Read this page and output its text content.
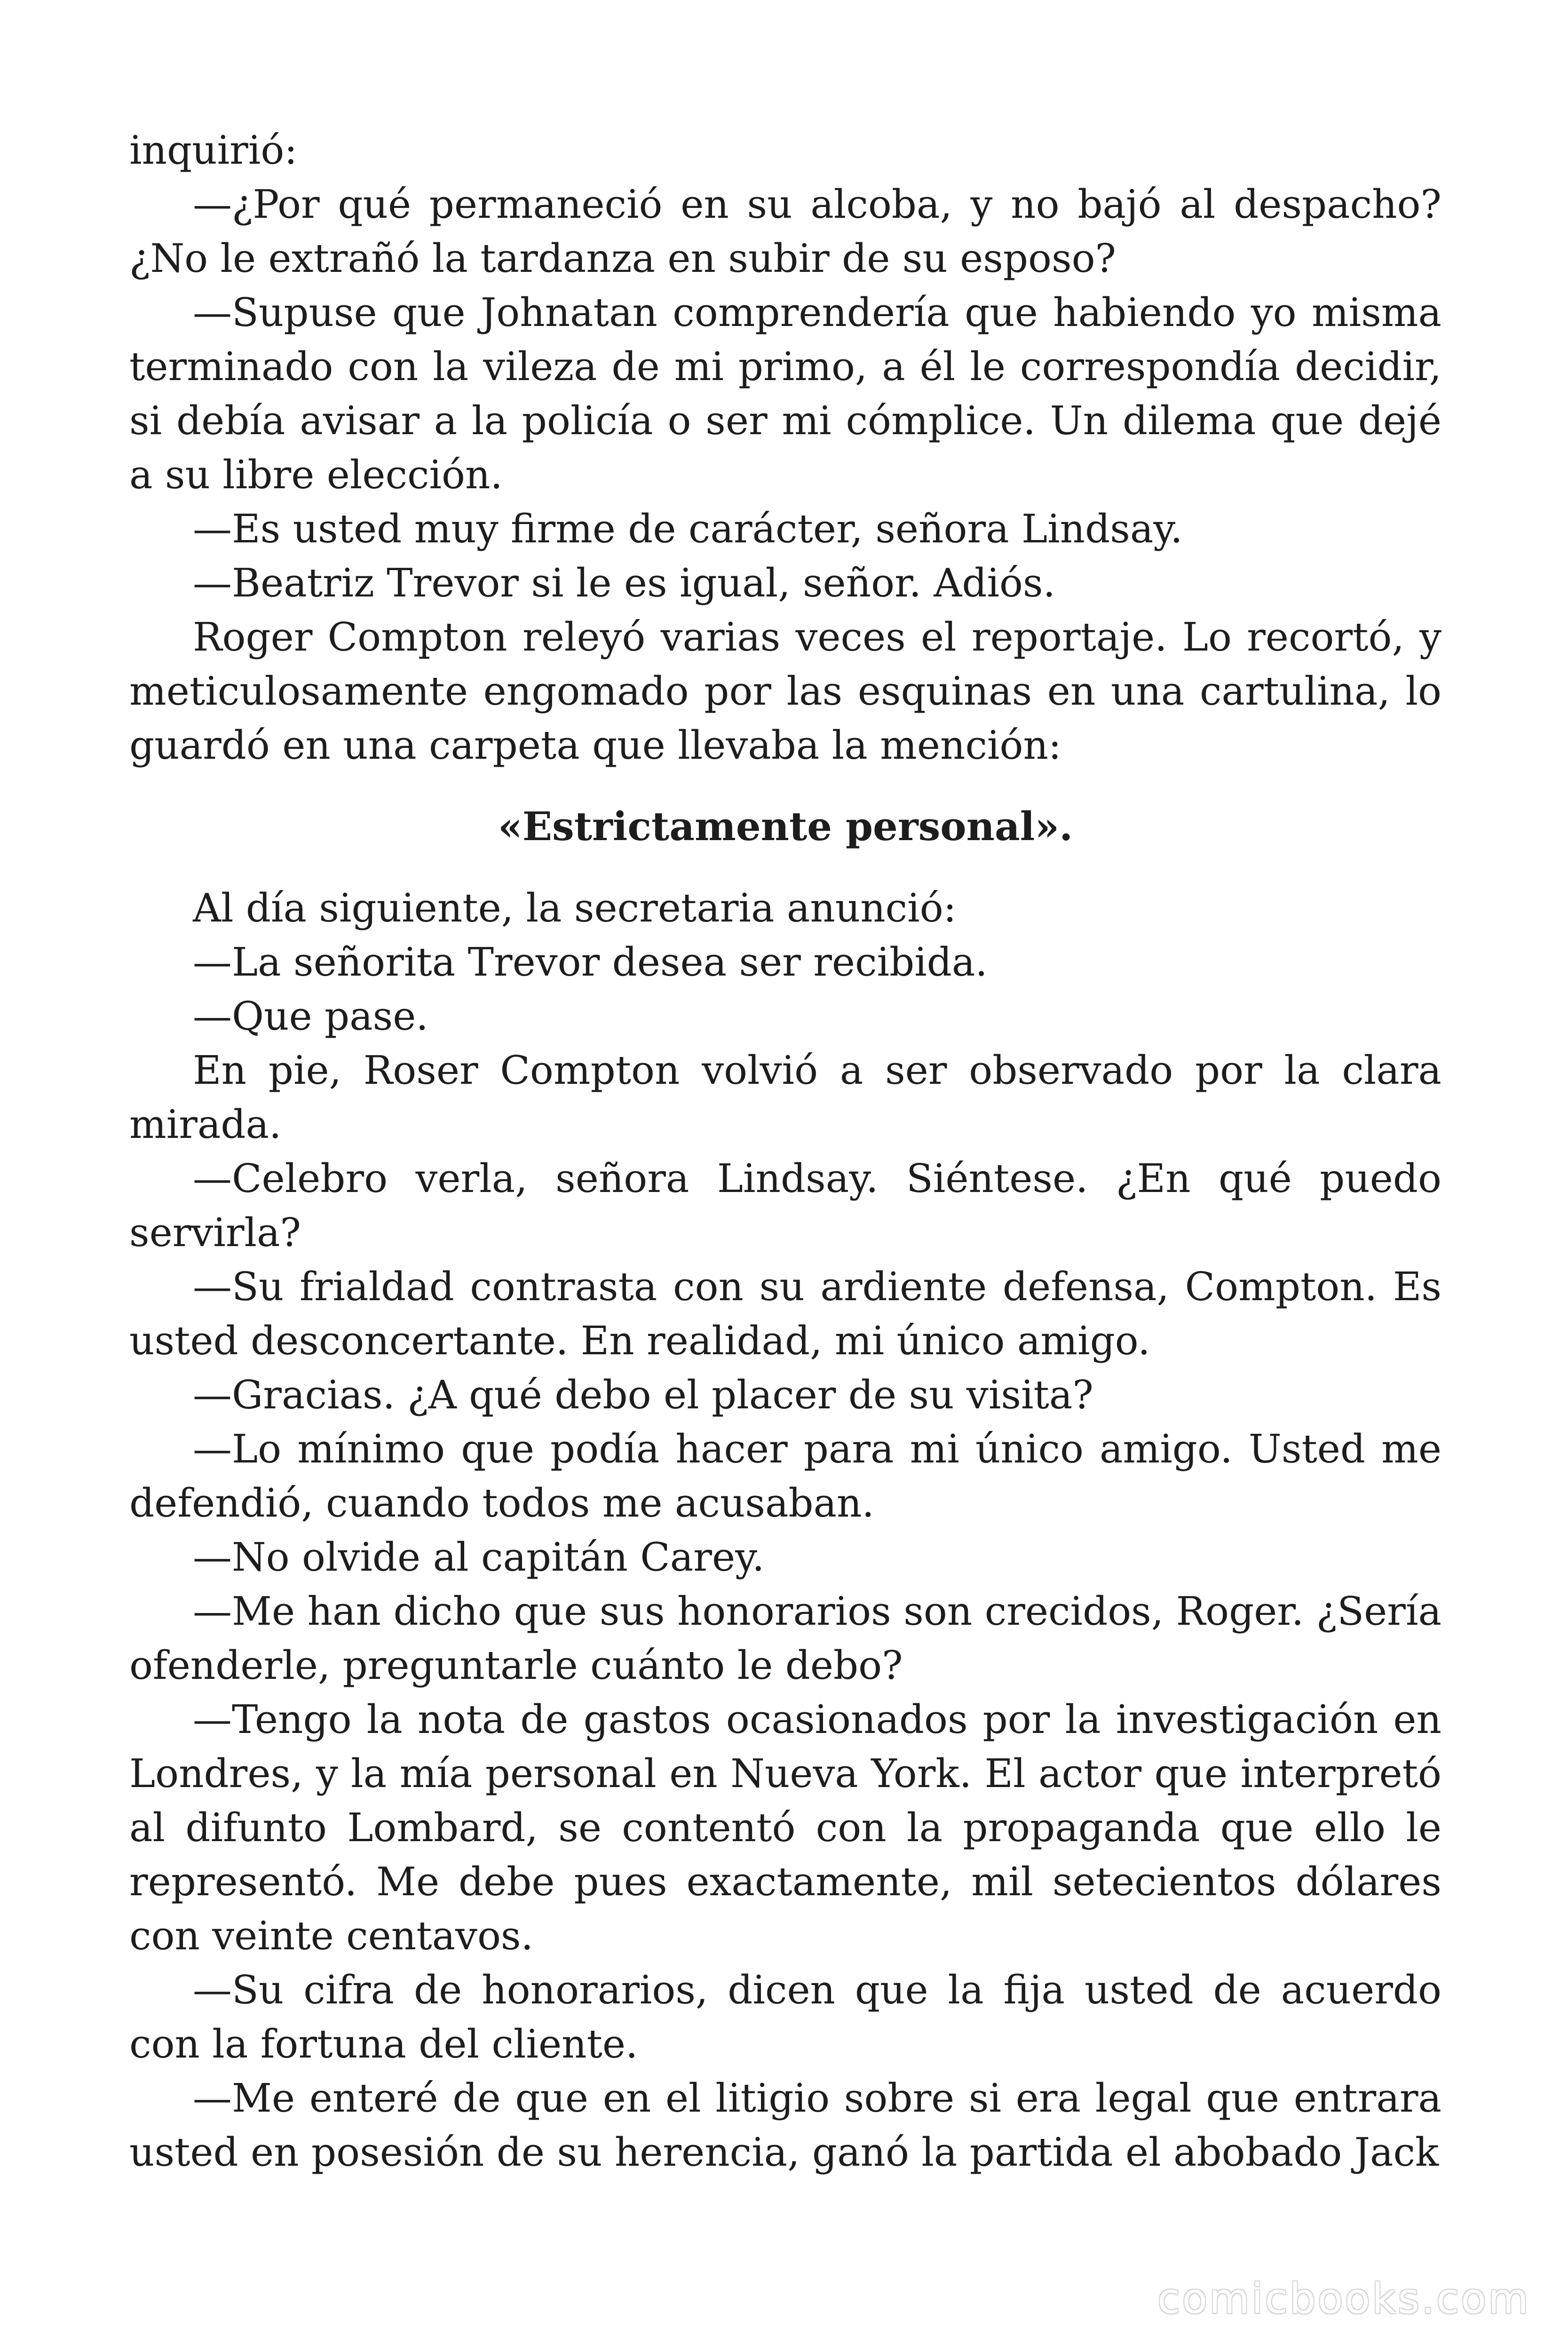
inquirió:

—¿Por qué permaneció en su alcoba, y no bajó al despacho? ¿No le extrañó la tardanza en subir de su esposo?

—Supuse que Johnatan comprendería que habiendo yo misma terminado con la vileza de mi primo, a él le correspondía decidir, si debía avisar a la policía o ser mi cómplice. Un dilema que dejé a su libre elección.

—Es usted muy firme de carácter, señora Lindsay.

—Beatriz Trevor si le es igual, señor. Adiós.

Roger Compton releyó varias veces el reportaje. Lo recortó, y meticulosamente engomado por las esquinas en una cartulina, lo guardó en una carpeta que llevaba la mención:

«Estrictamente personal».

Al día siguiente, la secretaria anunció:

—La señorita Trevor desea ser recibida.

—Que pase.

En pie, Roser Compton volvió a ser observado por la clara mirada.

—Celebro verla, señora Lindsay. Siéntese. ¿En qué puedo servirla?

—Su frialdad contrasta con su ardiente defensa, Compton. Es usted desconcertante. En realidad, mi único amigo.

—Gracias. ¿A qué debo el placer de su visita?

—Lo mínimo que podía hacer para mi único amigo. Usted me defendió, cuando todos me acusaban.

—No olvide al capitán Carey.

—Me han dicho que sus honorarios son crecidos, Roger. ¿Sería ofenderle, preguntarle cuánto le debo?

—Tengo la nota de gastos ocasionados por la investigación en Londres, y la mía personal en Nueva York. El actor que interpretó al difunto Lombard, se contentó con la propaganda que ello le representó. Me debe pues exactamente, mil setecientos dólares con veinte centavos.

—Su cifra de honorarios, dicen que la fija usted de acuerdo con la fortuna del cliente.

—Me enteré de que en el litigio sobre si era legal que entrara usted en posesión de su herencia, ganó la partida el abobado Jack

comicbooks.com
